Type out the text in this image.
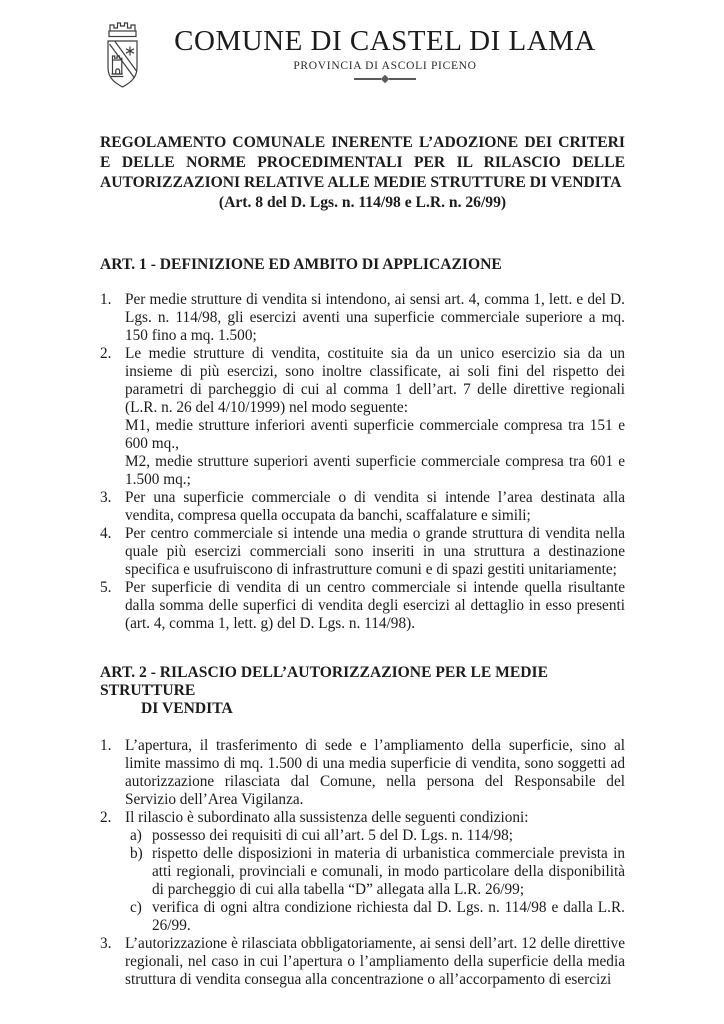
COMUNE DI CASTEL DI LAMA
PROVINCIA DI ASCOLI PICENO

REGOLAMENTO COMUNALE INERENTE L’ADOZIONE DEI CRITERI E DELLE NORME PROCEDIMENTALI PER IL RILASCIO DELLE AUTORIZZAZIONI RELATIVE ALLE MEDIE STRUTTURE DI VENDITA

(Art. 8 del D. Lgs. n. 114/98 e L.R. n. 26/99)

ART. 1 - DEFINIZIONE ED AMBITO DI APPLICAZIONE
1. Per medie strutture di vendita si intendono, ai sensi art. 4, comma 1, lett. e del D. Lgs. n. 114/98, gli esercizi aventi una superficie commerciale superiore a mq. 150 fino a mq. 1.500;

2. Le medie strutture di vendita, costituite sia da un unico esercizio sia da un insieme di più esercizi, sono inoltre classificate, ai soli fini del rispetto dei parametri di parcheggio di cui al comma 1 dell’art. 7 delle direttive regionali (L.R. n. 26 del 4/10/1999) nel modo seguente:

M1, medie strutture inferiori aventi superficie commerciale compresa tra 151 e 600 mq.,

M2, medie strutture superiori aventi superficie commerciale compresa tra 601 e 1.500 mq.;

3. Per una superficie commerciale o di vendita si intende l’area destinata alla vendita, compresa quella occupata da banchi, scaffalature e simili;

4. Per centro commerciale si intende una media o grande struttura di vendita nella quale più esercizi commerciali sono inseriti in una struttura a destinazione specifica e usufruiscono di infrastrutture comuni e di spazi gestiti unitariamente;

5. Per superficie di vendita di un centro commerciale si intende quella risultante dalla somma delle superfici di vendita degli esercizi al dettaglio in esso presenti (art. 4, comma 1, lett. g) del D. Lgs. n. 114/98).

ART. 2 - RILASCIO DELL’AUTORIZZAZIONE PER LE MEDIE STRUTTURE
DI VENDITA
1. L’apertura, il trasferimento di sede e l’ampliamento della superficie, sino al limite massimo di mq. 1.500 di una media superficie di vendita, sono soggetti ad autorizzazione rilasciata dal Comune, nella persona del Responsabile del Servizio dell’Area Vigilanza.

2. Il rilascio è subordinato alla sussistenza delle seguenti condizioni:

a) possesso dei requisiti di cui all’art. 5 del D. Lgs. n. 114/98;
b) rispetto delle disposizioni in materia di urbanistica commerciale prevista in atti regionali, provinciali e comunali, in modo particolare della disponibilità di parcheggio di cui alla tabella “D” allegata alla L.R. 26/99;
c) verifica di ogni altra condizione richiesta dal D. Lgs. n. 114/98 e dalla L.R. 26/99.
3. L’autorizzazione è rilasciata obbligatoriamente, ai sensi dell’art. 12 delle direttive regionali, nel caso in cui l’apertura o l’ampliamento della superficie della media struttura di vendita consegua alla concentrazione o all’accorpamento di esercizi
